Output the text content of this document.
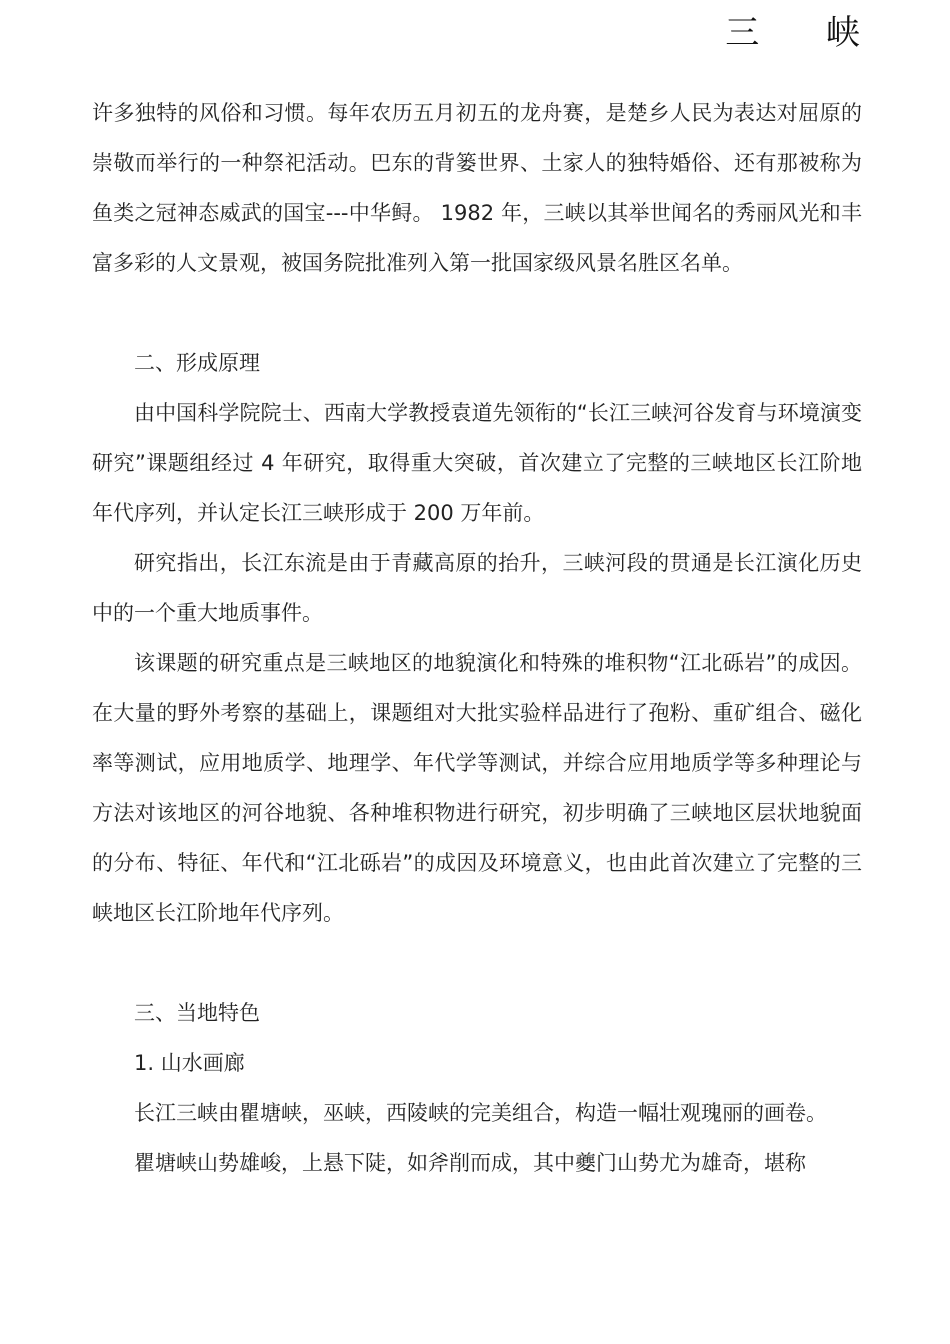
三 峡

许多独特的风俗和习惯。每年农历五月初五的龙舟赛，是楚乡人民为表达对屈原的崇敬而举行的一种祭祀活动。巴东的背篓世界、土家人的独特婚俗、还有那被称为鱼类之冠神态威武的国宝---中华鲟。 1982 年，三峡以其举世闻名的秀丽风光和丰富多彩的人文景观，被国务院批准列入第一批国家级风景名胜区名单。

二、形成原理

由中国科学院院士、西南大学教授袁道先领衔的“长江三峡河谷发育与环境演变研究”课题组经过 4 年研究，取得重大突破，首次建立了完整的三峡地区长江阶地年代序列，并认定长江三峡形成于 200 万年前。

研究指出，长江东流是由于青藏高原的抬升，三峡河段的贯通是长江演化历史中的一个重大地质事件。

该课题的研究重点是三峡地区的地貌演化和特殊的堆积物“江北砾岩”的成因。在大量的野外考察的基础上，课题组对大批实验样品进行了孢粉、重矿组合、磁化率等测试，应用地质学、地理学、年代学等测试，并综合应用地质学等多种理论与方法对该地区的河谷地貌、各种堆积物进行研究，初步明确了三峡地区层状地貌面的分布、特征、年代和“江北砾岩”的成因及环境意义，也由此首次建立了完整的三峡地区长江阶地年代序列。

三、当地特色

1. 山水画廊

长江三峡由瞿塘峡，巫峡，西陵峡的完美组合，构造一幅壮观瑰丽的画卷。

瞿塘峡山势雄峻，上悬下陡，如斧削而成，其中夔门山势尤为雄奇，堪称
